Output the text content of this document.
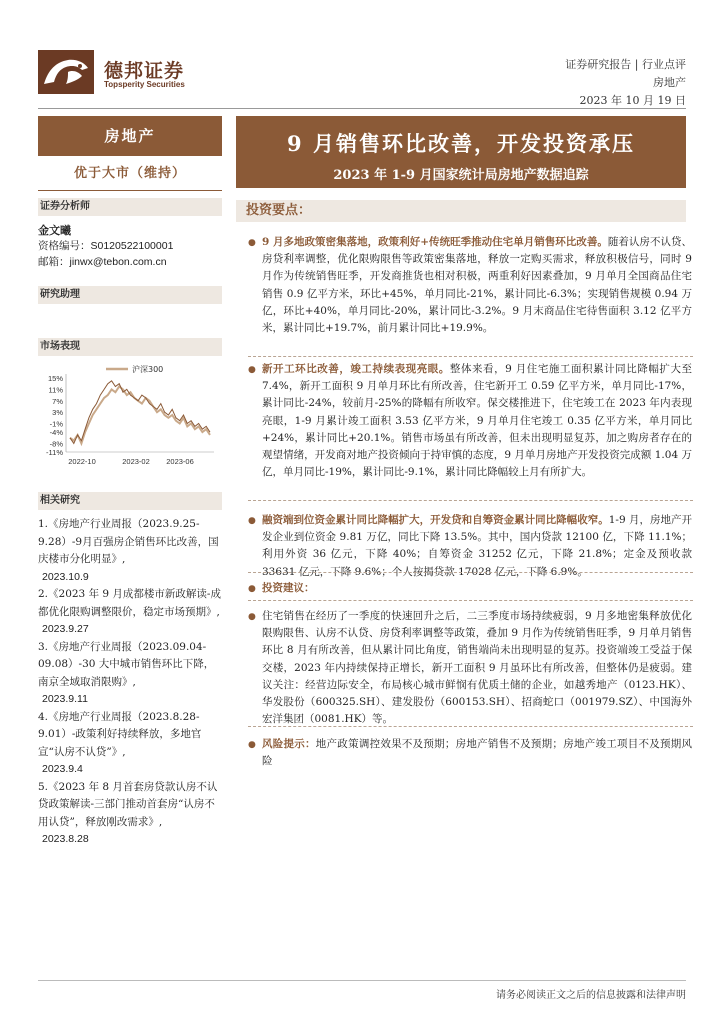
德邦证券
Topsperity Securities
证券研究报告 | 行业点评
房地产
2023 年 10 月 19 日
房地产
优于大市（维持）
证券分析师
金文曦
资格编号：S0120522100001
邮箱：jinwx@tebon.com.cn
研究助理
市场表现
15%
11%
7%
3%
-1%
-4%
-8%
-11%
2022-10	2023-02 2023-06
沪深300
相关研究
1.《房地产行业周报（2023.9.25-9.28）-9月百强房企销售环比改善，国庆楼市分化明显》,
2023.10.9
2.《2023 年 9 月成都楼市新政解读-成都优化限购调整限价，稳定市场预期》,
2023.9.27
3.《房地产行业周报（2023.09.04-09.08）-30 大中城市销售环比下降，南京全域取消限购》,
2023.9.11
4.《房地产行业周报（2023.8.28-9.01）-政策利好持续释放，多地官宣“认房不认贷”》,
2023.9.4
5.《2023 年 8 月首套房贷款认房不认贷政策解读-三部门推动首套房“认房不用认贷”，释放刚改需求》,
2023.8.28
9 月销售环比改善，开发投资承压
2023 年 1-9 月国家统计局房地产数据追踪
投资要点：
● 9 月多地政策密集落地，政策利好+传统旺季推动住宅单月销售环比改善。随着认房不认贷、房贷利率调整，优化限购限售等政策密集落地，释放一定购买需求，释放积极信号，同时 9 月作为传统销售旺季，开发商推货也相对积极，两重利好因素叠加，9 月单月全国商品住宅销售 0.9 亿平方米，环比+45%，单月同比-21%，累计同比-6.3%；实现销售规模 0.94 万亿，环比+40%，单月同比-20%，累计同比-3.2%。9 月末商品住宅待售面积 3.12 亿平方米，累计同比+19.7%，前月累计同比+19.9%。
● 新开工环比改善，竣工持续表现亮眼。整体来看，9 月住宅施工面积累计同比降幅扩大至 7.4%，新开工面积 9 月单月环比有所改善，住宅新开工 0.59 亿平方米，单月同比-17%，累计同比-24%，较前月-25%的降幅有所收窄。保交楼推进下，住宅竣工在 2023 年内表现亮眼，1-9 月累计竣工面积 3.53 亿平方米，9 月单月住宅竣工 0.35 亿平方米，单月同比+24%，累计同比+20.1%。销售市场虽有所改善，但未出现明显复苏，加之购房者存在的观望情绪，开发商对地产投资倾向于持审慎的态度，9 月单月房地产开发投资完成额 1.04 万亿，单月同比-19%，累计同比-9.1%，累计同比降幅较上月有所扩大。
● 融资端到位资金累计同比降幅扩大，开发贷和自筹资金累计同比降幅收窄。1-9 月，房地产开发企业到位资金 9.81 万亿，同比下降 13.5%。其中，国内贷款 12100 亿，下降 11.1%；利用外资 36 亿元，下降 40%；自筹资金 31252 亿元，下降 21.8%；定金及预收款 33631 亿元，下降 9.6%；个人按揭贷款 17028 亿元，下降 6.9%。
● 投资建议：
● 住宅销售在经历了一季度的快速回升之后，二三季度市场持续疲弱，9 月多地密集释放优化限购限售、认房不认贷、房贷利率调整等政策，叠加 9 月作为传统销售旺季，9 月单月销售环比 8 月有所改善，但从累计同比角度，销售端尚未出现明显的复苏。投资端竣工受益于保交楼，2023 年内持续保持正增长，新开工面积 9 月虽环比有所改善，但整体仍是疲弱。建议关注：经营边际安全，布局核心城市鲜悯有优质土储的企业，如越秀地产（0123.HK）、华发股份（600325.SH）、建发股份（600153.SH）、招商蛇口（001979.SZ）、中国海外宏洋集团（0081.HK）等。
● 风险提示：地产政策调控效果不及预期；房地产销售不及预期；房地产竣工项目不及预期风险
请务必阅读正文之后的信息披露和法律声明
